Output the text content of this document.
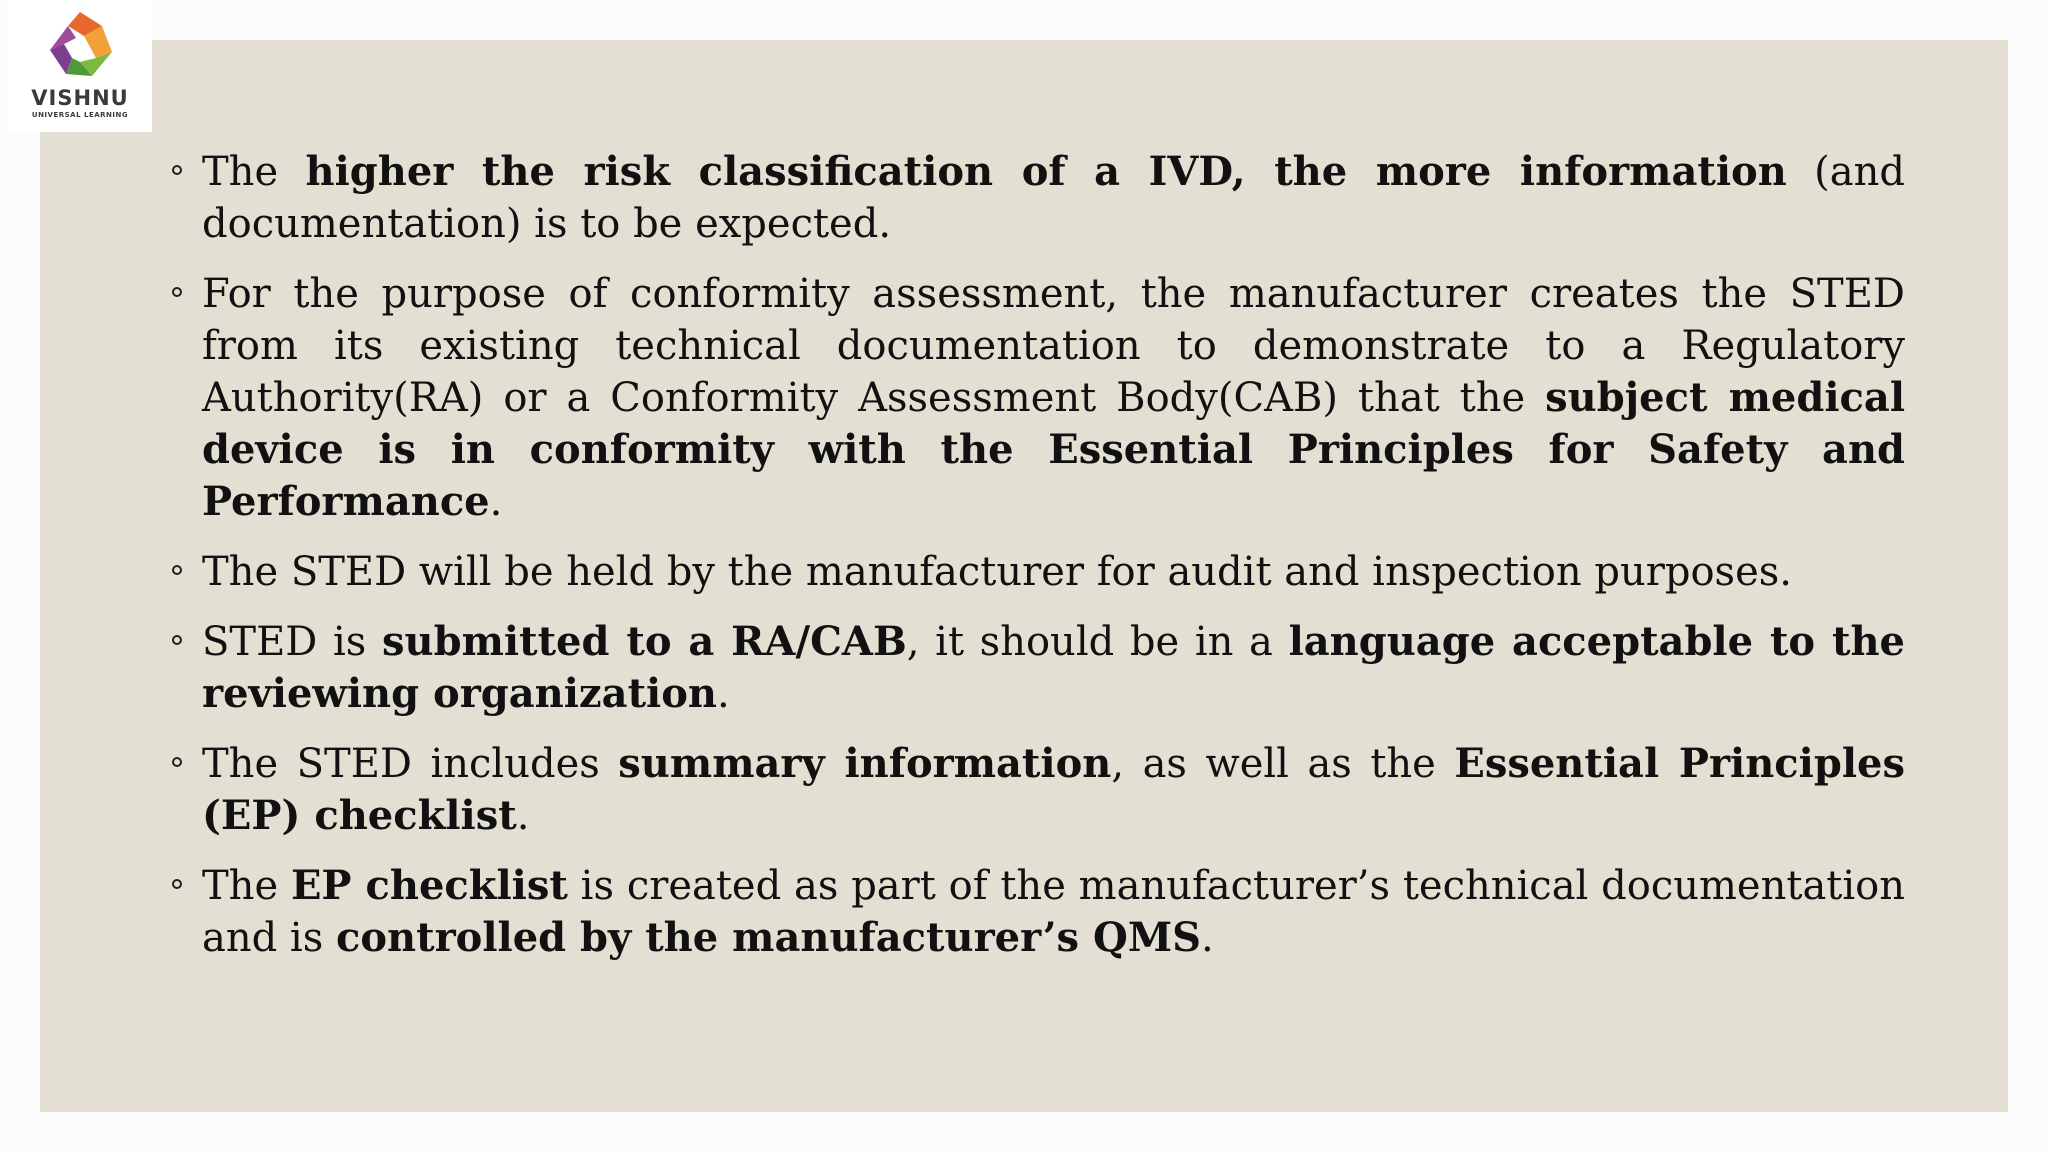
VISHNU
UNIVERSAL LEARNING
The higher the risk classification of a IVD, the more information (and documentation) is to be expected.
For the purpose of conformity assessment, the manufacturer creates the STED from its existing technical documentation to demonstrate to a Regulatory Authority(RA) or a Conformity Assessment Body(CAB) that the subject medical device is in conformity with the Essential Principles for Safety and Performance.
The STED will be held by the manufacturer for audit and inspection purposes.
STED is submitted to a RA/CAB, it should be in a language acceptable to the reviewing organization.
The STED includes summary information, as well as the Essential Principles (EP) checklist.
The EP checklist is created as part of the manufacturer’s technical documentation and is controlled by the manufacturer’s QMS.
